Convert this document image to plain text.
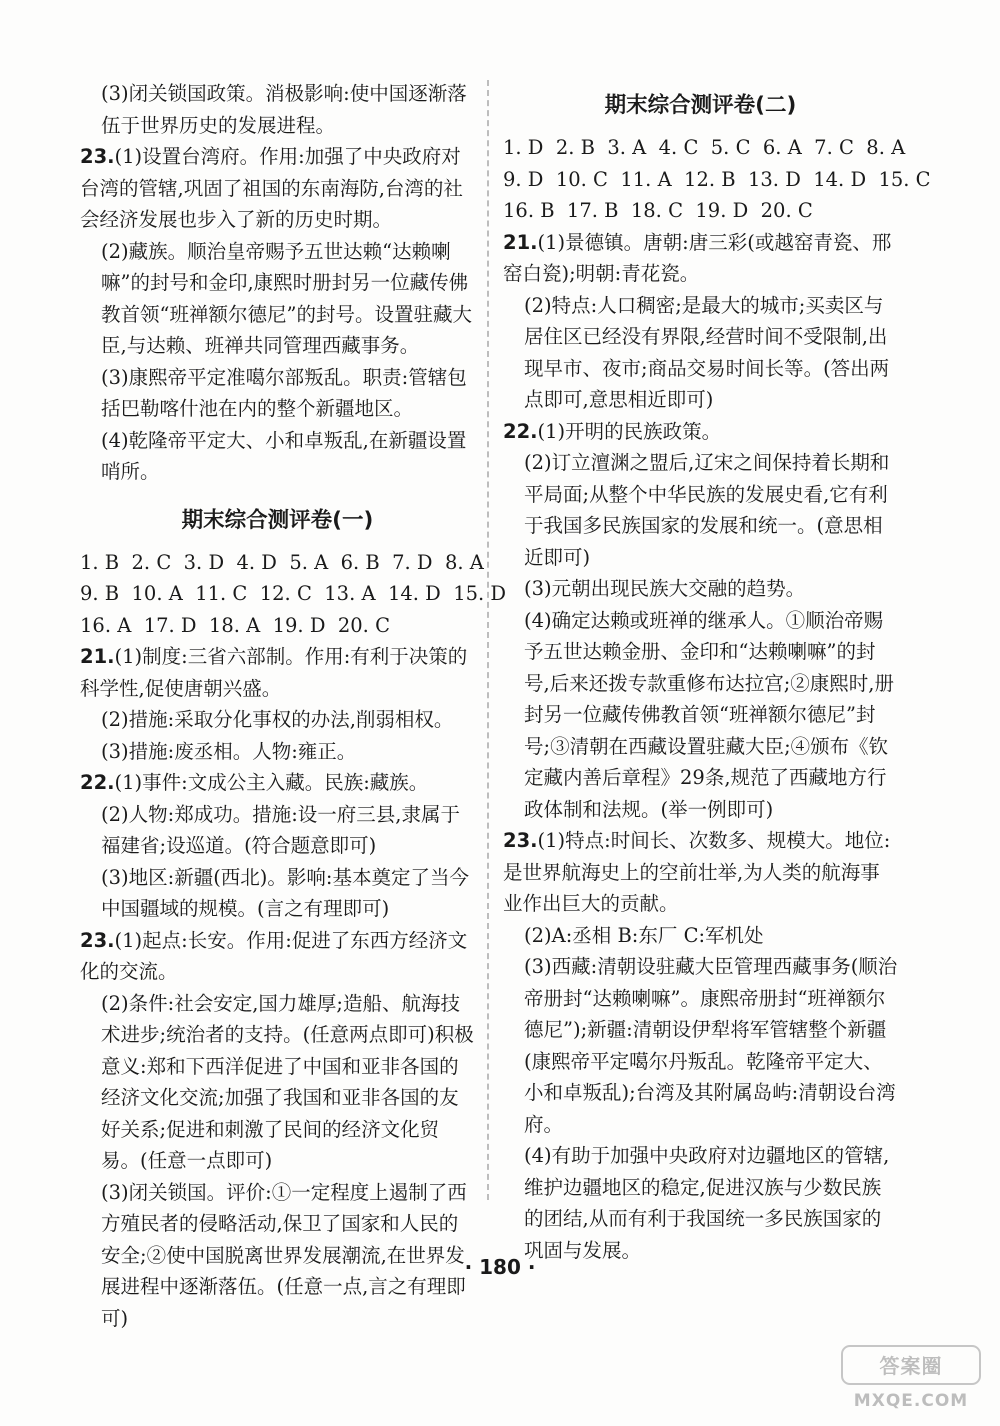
(3)闭关锁国政策。消极影响:使中国逐渐落伍于世界历史的发展进程。
23.(1)设置台湾府。作用:加强了中央政府对台湾的管辖,巩固了祖国的东南海防,台湾的社会经济发展也步入了新的历史时期。
(2)藏族。顺治皇帝赐予五世达赖“达赖喇嘛”的封号和金印,康熙时册封另一位藏传佛教首领“班禅额尔德尼”的封号。设置驻藏大臣,与达赖、班禅共同管理西藏事务。
(3)康熙帝平定准噶尔部叛乱。职责:管辖包括巴勒喀什池在内的整个新疆地区。
(4)乾隆帝平定大、小和卓叛乱,在新疆设置哨所。
期末综合测评卷(一)
1. B  2. C  3. D  4. D  5. A  6. B  7. D  8. A
9. B  10. A  11. C  12. C  13. A  14. D  15. D
16. A  17. D  18. A  19. D  20. C
21.(1)制度:三省六部制。作用:有利于决策的科学性,促使唐朝兴盛。
(2)措施:采取分化事权的办法,削弱相权。
(3)措施:废丞相。人物:雍正。
22.(1)事件:文成公主入藏。民族:藏族。
(2)人物:郑成功。措施:设一府三县,隶属于福建省;设巡道。(符合题意即可)
(3)地区:新疆(西北)。影响:基本奠定了当今中国疆域的规模。(言之有理即可)
23.(1)起点:长安。作用:促进了东西方经济文化的交流。
(2)条件:社会安定,国力雄厚;造船、航海技术进步;统治者的支持。(任意两点即可)积极意义:郑和下西洋促进了中国和亚非各国的经济文化交流;加强了我国和亚非各国的友好关系;促进和刺激了民间的经济文化贸易。(任意一点即可)
(3)闭关锁国。评价:①一定程度上遏制了西方殖民者的侵略活动,保卫了国家和人民的安全;②使中国脱离世界发展潮流,在世界发展进程中逐渐落伍。(任意一点,言之有理即可)
期末综合测评卷(二)
1. D  2. B  3. A  4. C  5. C  6. A  7. C  8. A
9. D  10. C  11. A  12. B  13. D  14. D  15. C
16. B  17. B  18. C  19. D  20. C
21.(1)景德镇。唐朝:唐三彩(或越窑青瓷、邢窑白瓷);明朝:青花瓷。
(2)特点:人口稠密;是最大的城市;买卖区与居住区已经没有界限,经营时间不受限制,出现早市、夜市;商品交易时间长等。(答出两点即可,意思相近即可)
22.(1)开明的民族政策。
(2)订立澶渊之盟后,辽宋之间保持着长期和平局面;从整个中华民族的发展史看,它有利于我国多民族国家的发展和统一。(意思相近即可)
(3)元朝出现民族大交融的趋势。
(4)确定达赖或班禅的继承人。①顺治帝赐予五世达赖金册、金印和“达赖喇嘛”的封号,后来还拨专款重修布达拉宫;②康熙时,册封另一位藏传佛教首领“班禅额尔德尼”封号;③清朝在西藏设置驻藏大臣;④颁布《钦定藏内善后章程》29条,规范了西藏地方行政体制和法规。(举一例即可)
23.(1)特点:时间长、次数多、规模大。地位:是世界航海史上的空前壮举,为人类的航海事业作出巨大的贡献。
(2)A:丞相 B:东厂 C:军机处
(3)西藏:清朝设驻藏大臣管理西藏事务(顺治帝册封“达赖喇嘛”。康熙帝册封“班禅额尔德尼”);新疆:清朝设伊犁将军管辖整个新疆(康熙帝平定噶尔丹叛乱。乾隆帝平定大、小和卓叛乱);台湾及其附属岛屿:清朝设台湾府。
(4)有助于加强中央政府对边疆地区的管辖,维护边疆地区的稳定,促进汉族与少数民族的团结,从而有利于我国统一多民族国家的巩固与发展。
· 180 ·
答案圈
MXQE.COM
